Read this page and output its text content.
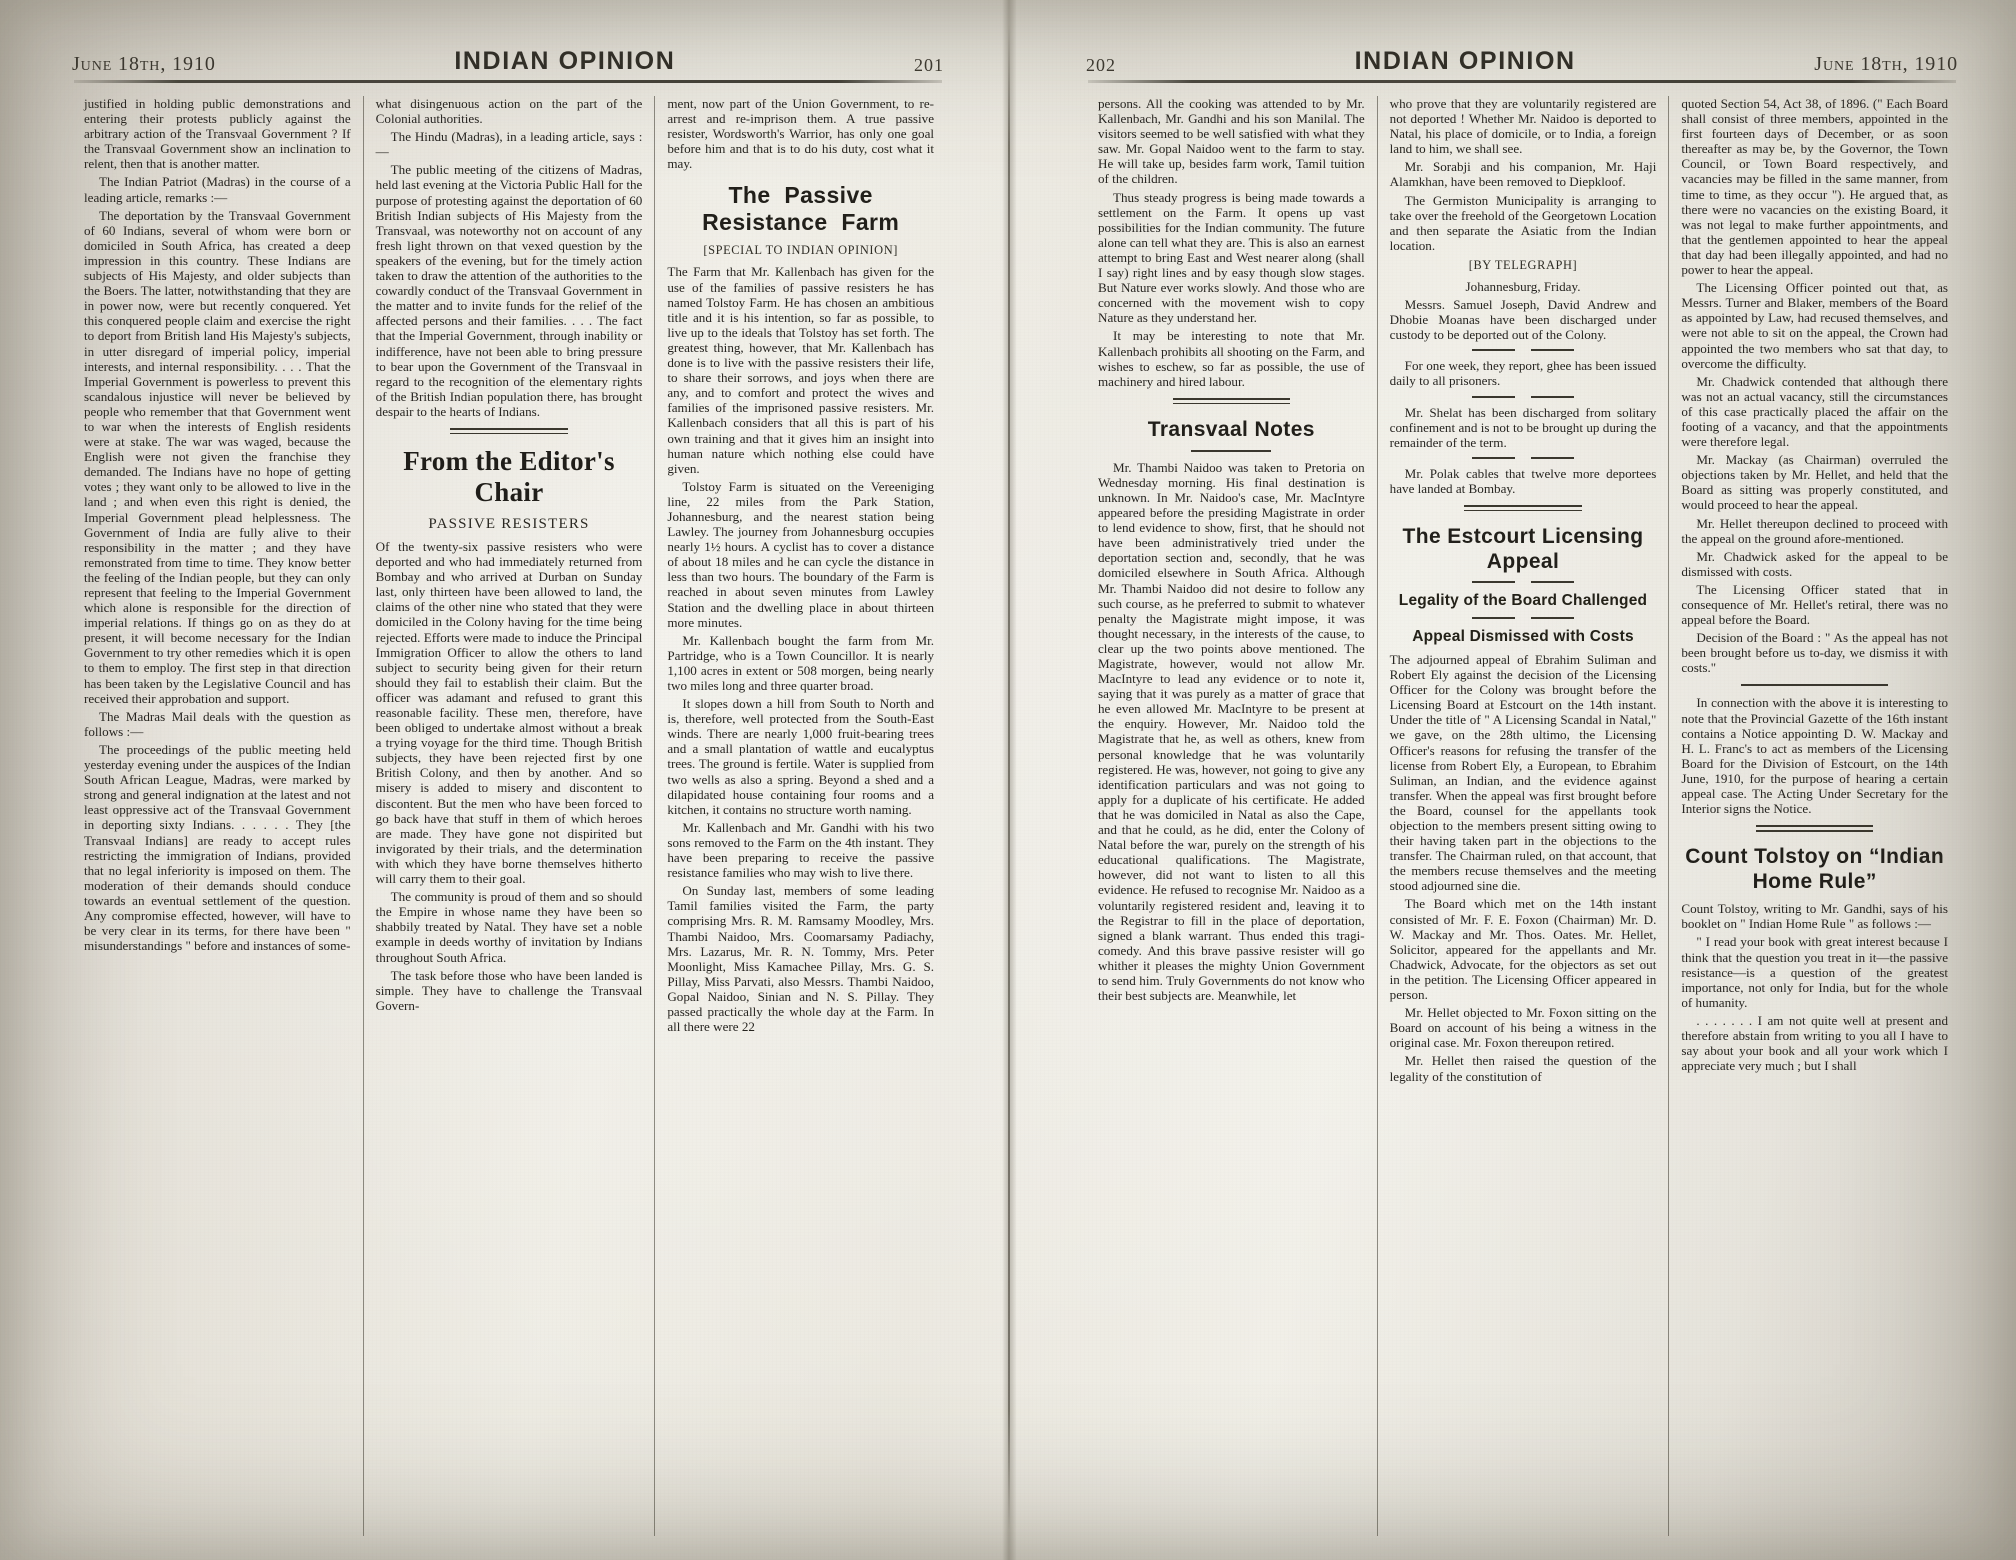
June 18th, 1910	INDIAN OPINION	201

justified in holding public demonstrations and entering their protests publicly against the arbitrary action of the Transvaal Government ? If the Transvaal Government show an inclination to relent, then that is another matter.

The Indian Patriot (Madras) in the course of a leading article, remarks :—

The deportation by the Transvaal Government of 60 Indians, several of whom were born or domiciled in South Africa, has created a deep impression in this country. These Indians are subjects of His Majesty, and older subjects than the Boers. The latter, notwithstanding that they are in power now, were but recently conquered. Yet this conquered people claim and exercise the right to deport from British land His Majesty's subjects, in utter disregard of imperial policy, imperial interests, and internal responsibility. . . . That the Imperial Government is powerless to prevent this scandalous injustice will never be believed by people who remember that that Government went to war when the interests of English residents were at stake. The war was waged, because the English were not given the franchise they demanded. The Indians have no hope of getting votes ; they want only to be allowed to live in the land ; and when even this right is denied, the Imperial Government plead helplessness. The Government of India are fully alive to their responsibility in the matter ; and they have remonstrated from time to time. They know better the feeling of the Indian people, but they can only represent that feeling to the Imperial Government which alone is responsible for the direction of imperial relations. If things go on as they do at present, it will become necessary for the Indian Government to try other remedies which it is open to them to employ. The first step in that direction has been taken by the Legislative Council and has received their approbation and support.

The Madras Mail deals with the question as follows :—

The proceedings of the public meeting held yesterday evening under the auspices of the Indian South African League, Madras, were marked by strong and general indignation at the latest and not least oppressive act of the Transvaal Government in deporting sixty Indians. . . . . . They [the Transvaal Indians] are ready to accept rules restricting the immigration of Indians, provided that no legal inferiority is imposed on them. The moderation of their demands should conduce towards an eventual settlement of the question. Any compromise effected, however, will have to be very clear in its terms, for there have been " misunderstandings " before and instances of some-

what disingenuous action on the part of the Colonial authorities.

The Hindu (Madras), in a leading article, says :—

The public meeting of the citizens of Madras, held last evening at the Victoria Public Hall for the purpose of protesting against the deportation of 60 British Indian subjects of His Majesty from the Transvaal, was noteworthy not on account of any fresh light thrown on that vexed question by the speakers of the evening, but for the timely action taken to draw the attention of the authorities to the cowardly conduct of the Transvaal Government in the matter and to invite funds for the relief of the affected persons and their families. . . . The fact that the Imperial Government, through inability or indifference, have not been able to bring pressure to bear upon the Government of the Transvaal in regard to the recognition of the elementary rights of the British Indian population there, has brought despair to the hearts of Indians.

From the Editor's Chair
PASSIVE RESISTERS

Of the twenty-six passive resisters who were deported and who had immediately returned from Bombay and who arrived at Durban on Sunday last, only thirteen have been allowed to land, the claims of the other nine who stated that they were domiciled in the Colony having for the time being rejected. Efforts were made to induce the Principal Immigration Officer to allow the others to land subject to security being given for their return should they fail to establish their claim. But the officer was adamant and refused to grant this reasonable facility. These men, therefore, have been obliged to undertake almost without a break a trying voyage for the third time. Though British subjects, they have been rejected first by one British Colony, and then by another. And so misery is added to misery and discontent to discontent. But the men who have been forced to go back have that stuff in them of which heroes are made. They have gone not dispirited but invigorated by their trials, and the determination with which they have borne themselves hitherto will carry them to their goal.

The community is proud of them and so should the Empire in whose name they have been so shabbily treated by Natal. They have set a noble example in deeds worthy of invitation by Indians throughout South Africa.

The task before those who have been landed is simple. They have to challenge the Transvaal Govern-

ment, now part of the Union Government, to re-arrest and re-imprison them. A true passive resister, Wordsworth's Warrior, has only one goal before him and that is to do his duty, cost what it may.

The Passive Resistance Farm
[SPECIAL TO INDIAN OPINION]

The Farm that Mr. Kallenbach has given for the use of the families of passive resisters he has named Tolstoy Farm. He has chosen an ambitious title and it is his intention, so far as possible, to live up to the ideals that Tolstoy has set forth. The greatest thing, however, that Mr. Kallenbach has done is to live with the passive resisters their life, to share their sorrows, and joys when there are any, and to comfort and protect the wives and families of the imprisoned passive resisters. Mr. Kallenbach considers that all this is part of his own training and that it gives him an insight into human nature which nothing else could have given.

Tolstoy Farm is situated on the Vereeniging line, 22 miles from the Park Station, Johannesburg, and the nearest station being Lawley. The journey from Johannesburg occupies nearly 1½ hours. A cyclist has to cover a distance of about 18 miles and he can cycle the distance in less than two hours. The boundary of the Farm is reached in about seven minutes from Lawley Station and the dwelling place in about thirteen more minutes.

Mr. Kallenbach bought the farm from Mr. Partridge, who is a Town Councillor. It is nearly 1,100 acres in extent or 508 morgen, being nearly two miles long and three quarter broad.

It slopes down a hill from South to North and is, therefore, well protected from the South-East winds. There are nearly 1,000 fruit-bearing trees and a small plantation of wattle and eucalyptus trees. The ground is fertile. Water is supplied from two wells as also a spring. Beyond a shed and a dilapidated house containing four rooms and a kitchen, it contains no structure worth naming.

Mr. Kallenbach and Mr. Gandhi with his two sons removed to the Farm on the 4th instant. They have been preparing to receive the passive resistance families who may wish to live there.

On Sunday last, members of some leading Tamil families visited the Farm, the party comprising Mrs. R. M. Ramsamy Moodley, Mrs. Thambi Naidoo, Mrs. Coomarsamy Padiachy, Mrs. Lazarus, Mr. R. N. Tommy, Mrs. Peter Moonlight, Miss Kamachee Pillay, Mrs. G. S. Pillay, Miss Parvati, also Messrs. Thambi Naidoo, Gopal Naidoo, Sinian and N. S. Pillay. They passed practically the whole day at the Farm. In all there were 22

202	INDIAN OPINION	June 18th, 1910

persons. All the cooking was attended to by Mr. Kallenbach, Mr. Gandhi and his son Manilal. The visitors seemed to be well satisfied with what they saw. Mr. Gopal Naidoo went to the farm to stay. He will take up, besides farm work, Tamil tuition of the children.

Thus steady progress is being made towards a settlement on the Farm. It opens up vast possibilities for the Indian community. The future alone can tell what they are. This is also an earnest attempt to bring East and West nearer along (shall I say) right lines and by easy though slow stages. But Nature ever works slowly. And those who are concerned with the movement wish to copy Nature as they understand her.

It may be interesting to note that Mr. Kallenbach prohibits all shooting on the Farm, and wishes to eschew, so far as possible, the use of machinery and hired labour.

Transvaal Notes

Mr. Thambi Naidoo was taken to Pretoria on Wednesday morning. His final destination is unknown. In Mr. Naidoo's case, Mr. MacIntyre appeared before the presiding Magistrate in order to lend evidence to show, first, that he should not have been administratively tried under the deportation section and, secondly, that he was domiciled elsewhere in South Africa. Although Mr. Thambi Naidoo did not desire to follow any such course, as he preferred to submit to whatever penalty the Magistrate might impose, it was thought necessary, in the interests of the cause, to clear up the two points above mentioned. The Magistrate, however, would not allow Mr. MacIntyre to lead any evidence or to note it, saying that it was purely as a matter of grace that he even allowed Mr. MacIntyre to be present at the enquiry. However, Mr. Naidoo told the Magistrate that he, as well as others, knew from personal knowledge that he was voluntarily registered. He was, however, not going to give any identification particulars and was not going to apply for a duplicate of his certificate. He added that he was domiciled in Natal as also the Cape, and that he could, as he did, enter the Colony of Natal before the war, purely on the strength of his educational qualifications. The Magistrate, however, did not want to listen to all this evidence. He refused to recognise Mr. Naidoo as a voluntarily registered resident and, leaving it to the Registrar to fill in the place of deportation, signed a blank warrant. Thus ended this tragi-comedy. And this brave passive resister will go whither it pleases the mighty Union Government to send him. Truly Governments do not know who their best subjects are. Meanwhile, let

who prove that they are voluntarily registered are not deported ! Whether Mr. Naidoo is deported to Natal, his place of domicile, or to India, a foreign land to him, we shall see.

Mr. Sorabji and his companion, Mr. Haji Alamkhan, have been removed to Diepkloof.

The Germiston Municipality is arranging to take over the freehold of the Georgetown Location and then separate the Asiatic from the Indian location.

[BY TELEGRAPH]
Johannesburg, Friday.

Messrs. Samuel Joseph, David Andrew and Dhobie Moanas have been discharged under custody to be deported out of the Colony.

For one week, they report, ghee has been issued daily to all prisoners.

Mr. Shelat has been discharged from solitary confinement and is not to be brought up during the remainder of the term.

Mr. Polak cables that twelve more deportees have landed at Bombay.

The Estcourt Licensing Appeal
Legality of the Board Challenged
Appeal Dismissed with Costs

The adjourned appeal of Ebrahim Suliman and Robert Ely against the decision of the Licensing Officer for the Colony was brought before the Licensing Board at Estcourt on the 14th instant. Under the title of " A Licensing Scandal in Natal," we gave, on the 28th ultimo, the Licensing Officer's reasons for refusing the transfer of the license from Robert Ely, a European, to Ebrahim Suliman, an Indian, and the evidence against transfer. When the appeal was first brought before the Board, counsel for the appellants took objection to the members present sitting owing to their having taken part in the objections to the transfer. The Chairman ruled, on that account, that the members recuse themselves and the meeting stood adjourned sine die.

The Board which met on the 14th instant consisted of Mr. F. E. Foxon (Chairman) Mr. D. W. Mackay and Mr. Thos. Oates. Mr. Hellet, Solicitor, appeared for the appellants and Mr. Chadwick, Advocate, for the objectors as set out in the petition. The Licensing Officer appeared in person.

Mr. Hellet objected to Mr. Foxon sitting on the Board on account of his being a witness in the original case. Mr. Foxon thereupon retired.

Mr. Hellet then raised the question of the legality of the constitution of

quoted Section 54, Act 38, of 1896. (" Each Board shall consist of three members, appointed in the first fourteen days of December, or as soon thereafter as may be, by the Governor, the Town Council, or Town Board respectively, and vacancies may be filled in the same manner, from time to time, as they occur "). He argued that, as there were no vacancies on the existing Board, it was not legal to make further appointments, and that the gentlemen appointed to hear the appeal that day had been illegally appointed, and had no power to hear the appeal.

The Licensing Officer pointed out that, as Messrs. Turner and Blaker, members of the Board as appointed by Law, had recused themselves, and were not able to sit on the appeal, the Crown had appointed the two members who sat that day, to overcome the difficulty.

Mr. Chadwick contended that although there was not an actual vacancy, still the circumstances of this case practically placed the affair on the footing of a vacancy, and that the appointments were therefore legal.

Mr. Mackay (as Chairman) overruled the objections taken by Mr. Hellet, and held that the Board as sitting was properly constituted, and would proceed to hear the appeal.

Mr. Hellet thereupon declined to proceed with the appeal on the ground afore-mentioned.

Mr. Chadwick asked for the appeal to be dismissed with costs.

The Licensing Officer stated that in consequence of Mr. Hellet's retiral, there was no appeal before the Board.

Decision of the Board : " As the appeal has not been brought before us to-day, we dismiss it with costs."

In connection with the above it is interesting to note that the Provincial Gazette of the 16th instant contains a Notice appointing D. W. Mackay and H. L. Franc's to act as members of the Licensing Board for the Division of Estcourt, on the 14th June, 1910, for the purpose of hearing a certain appeal case. The Acting Under Secretary for the Interior signs the Notice.

Count Tolstoy on “Indian Home Rule”

Count Tolstoy, writing to Mr. Gandhi, says of his booklet on " Indian Home Rule " as follows :—

" I read your book with great interest because I think that the question you treat in it—the passive resistance—is a question of the greatest importance, not only for India, but for the whole of humanity.

. . . . . . . I am not quite well at present and therefore abstain from writing to you all I have to say about your book and all your work which I appreciate very much ; but I shall
